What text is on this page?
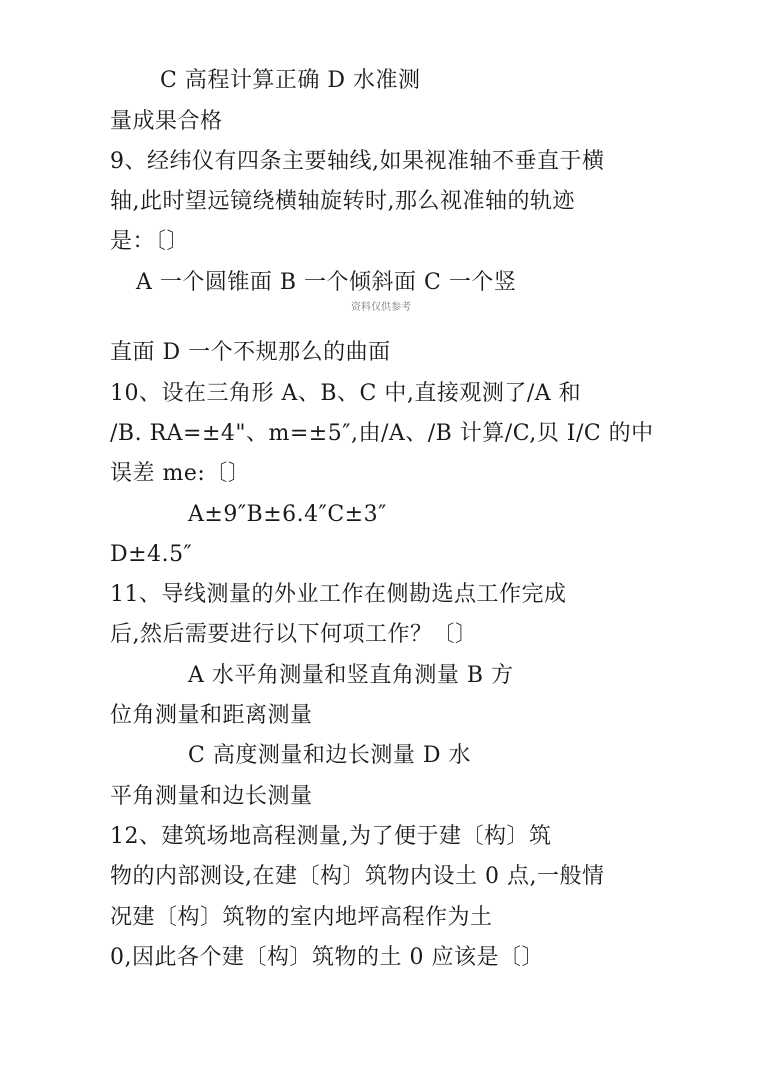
C 高程计算正确 D 水准测
量成果合格
9、经纬仪有四条主要轴线,如果视准轴不垂直于横
轴,此时望远镜绕横轴旋转时,那么视准轴的轨迹
是：〔〕
A 一个圆锥面 B 一个倾斜面 C 一个竖
直面 D 一个不规那么的曲面
10、设在三角形 A、B、C 中,直接观测了/A 和
/B. RA=±4"、m=±5″,由/A、/B 计算/C,贝 I/C 的中
误差 me:〔〕
A±9″B±6.4″C±3″
D±4.5″
11、导线测量的外业工作在侧勘选点工作完成
后,然后需要进行以下何项工作？〔〕
A 水平角测量和竖直角测量 B 方
位角测量和距离测量
C 高度测量和边长测量 D 水
平角测量和边长测量
12、建筑场地高程测量,为了便于建〔构〕筑
物的内部测设,在建〔构〕筑物内设土 0 点,一般情
况建〔构〕筑物的室内地坪高程作为土
0,因此各个建〔构〕筑物的土 0 应该是〔〕
资料仅供参考
